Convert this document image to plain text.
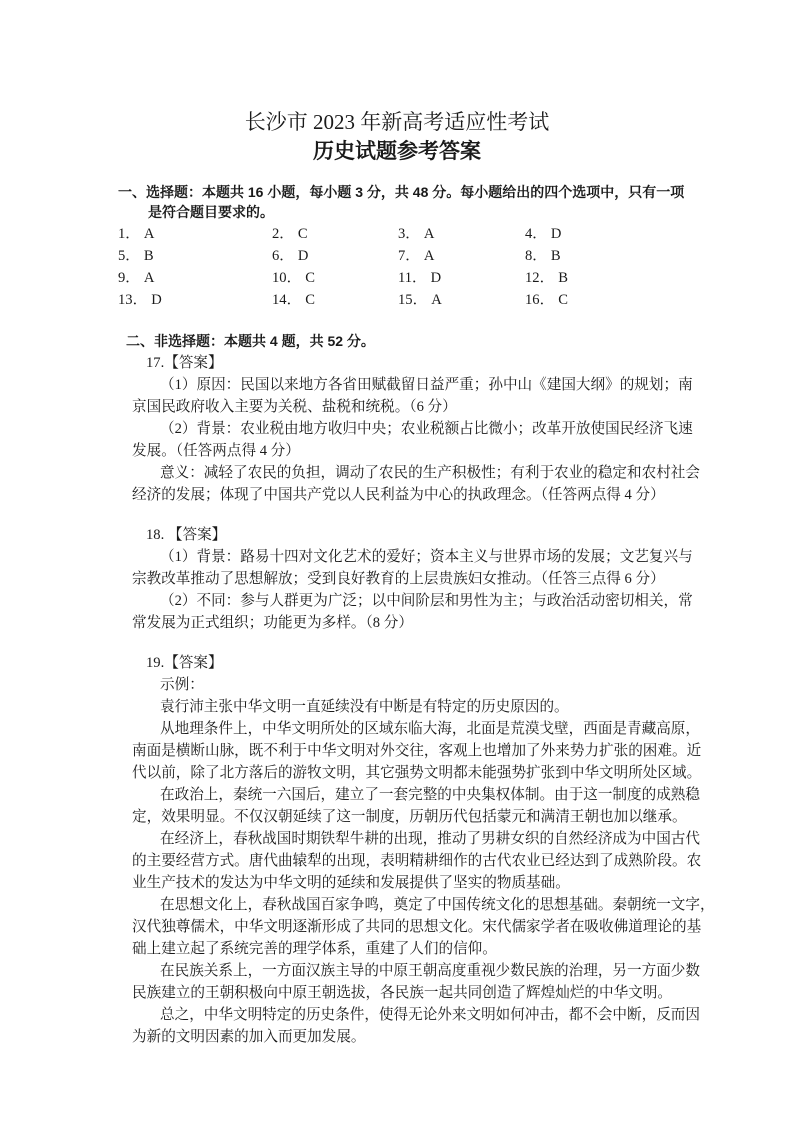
长沙市 2023 年新高考适应性考试
历史试题参考答案
一、选择题：本题共 16 小题，每小题 3 分，共 48 分。每小题给出的四个选项中，只有一项
是符合题目要求的。
1． A	2． C	3． A	4． D
5． B	6． D	7． A	8． B
9． A	10． C	11． D	12． B
13． D	14． C	15． A	16． C
二、非选择题：本题共 4 题，共 52 分。
17.【答案】
（1）原因：民国以来地方各省田赋截留日益严重；孙中山《建国大纲》的规划；南
京国民政府收入主要为关税、盐税和统税。（6 分）
（2）背景：农业税由地方收归中央；农业税额占比微小；改革开放使国民经济飞速
发展。（任答两点得 4 分）
意义：减轻了农民的负担，调动了农民的生产积极性；有利于农业的稳定和农村社会
经济的发展；体现了中国共产党以人民利益为中心的执政理念。（任答两点得 4 分）
18. 【答案】
（1）背景：路易十四对文化艺术的爱好；资本主义与世界市场的发展；文艺复兴与
宗教改革推动了思想解放；受到良好教育的上层贵族妇女推动。（任答三点得 6 分）
（2）不同：参与人群更为广泛；以中间阶层和男性为主；与政治活动密切相关，常
常发展为正式组织；功能更为多样。（8 分）
19.【答案】
示例：
袁行沛主张中华文明一直延续没有中断是有特定的历史原因的。
从地理条件上，中华文明所处的区域东临大海，北面是荒漠戈壁，西面是青藏高原，
南面是横断山脉，既不利于中华文明对外交往，客观上也增加了外来势力扩张的困难。近
代以前，除了北方落后的游牧文明，其它强势文明都未能强势扩张到中华文明所处区域。
在政治上，秦统一六国后，建立了一套完整的中央集权体制。由于这一制度的成熟稳
定，效果明显。不仅汉朝延续了这一制度，历朝历代包括蒙元和满清王朝也加以继承。
在经济上，春秋战国时期铁犁牛耕的出现，推动了男耕女织的自然经济成为中国古代
的主要经营方式。唐代曲辕犁的出现，表明精耕细作的古代农业已经达到了成熟阶段。农
业生产技术的发达为中华文明的延续和发展提供了坚实的物质基础。
在思想文化上，春秋战国百家争鸣，奠定了中国传统文化的思想基础。秦朝统一文字，
汉代独尊儒术，中华文明逐渐形成了共同的思想文化。宋代儒家学者在吸收佛道理论的基
础上建立起了系统完善的理学体系，重建了人们的信仰。
在民族关系上，一方面汉族主导的中原王朝高度重视少数民族的治理，另一方面少数
民族建立的王朝积极向中原王朝选拔，各民族一起共同创造了辉煌灿烂的中华文明。
总之，中华文明特定的历史条件，使得无论外来文明如何冲击，都不会中断，反而因
为新的文明因素的加入而更加发展。
